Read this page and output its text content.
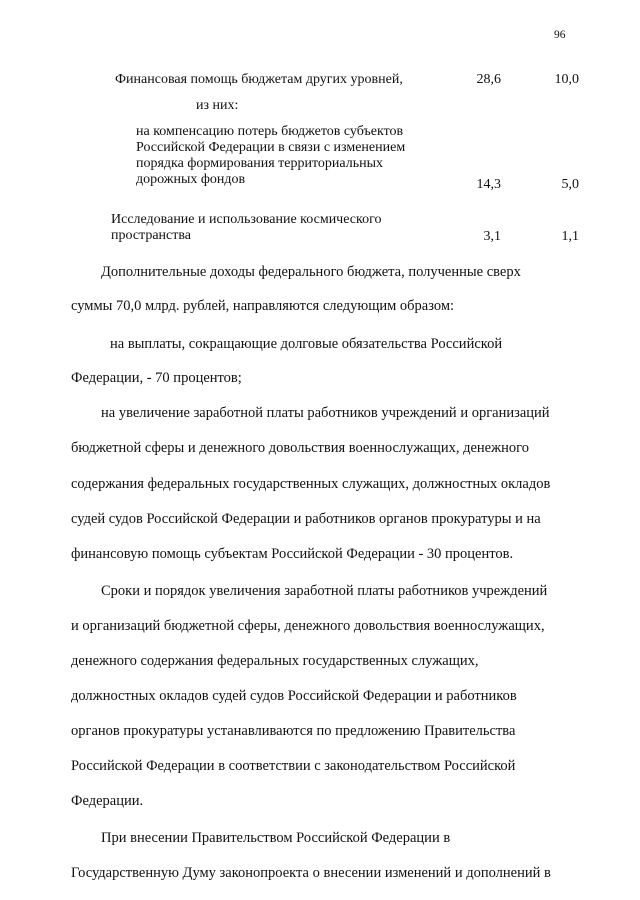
96
Финансовая помощь бюджетам других уровней,	28,6	10,0
из них:
на компенсацию потерь бюджетов субъектов
Российской Федерации в связи с изменением
порядка формирования территориальных
дорожных фондов	14,3	5,0
Исследование и использование космического
пространства	3,1	1,1
Дополнительные доходы федерального бюджета, полученные сверх
суммы 70,0 млрд. рублей, направляются следующим образом:
на выплаты, сокращающие долговые обязательства Российской
Федерации, - 70 процентов;
на увеличение заработной платы работников учреждений и организаций
бюджетной сферы и денежного довольствия военнослужащих, денежного
содержания федеральных государственных служащих, должностных окладов
судей судов Российской Федерации и работников органов прокуратуры и на
финансовую помощь субъектам Российской Федерации - 30 процентов.
Сроки и порядок увеличения заработной платы работников учреждений
и организаций бюджетной сферы, денежного довольствия военнослужащих,
денежного содержания федеральных государственных служащих,
должностных окладов судей судов Российской Федерации и работников
органов прокуратуры устанавливаются по предложению Правительства
Российской Федерации в соответствии с законодательством Российской
Федерации.
При внесении Правительством Российской Федерации в
Государственную Думу законопроекта о внесении изменений и дополнений в
